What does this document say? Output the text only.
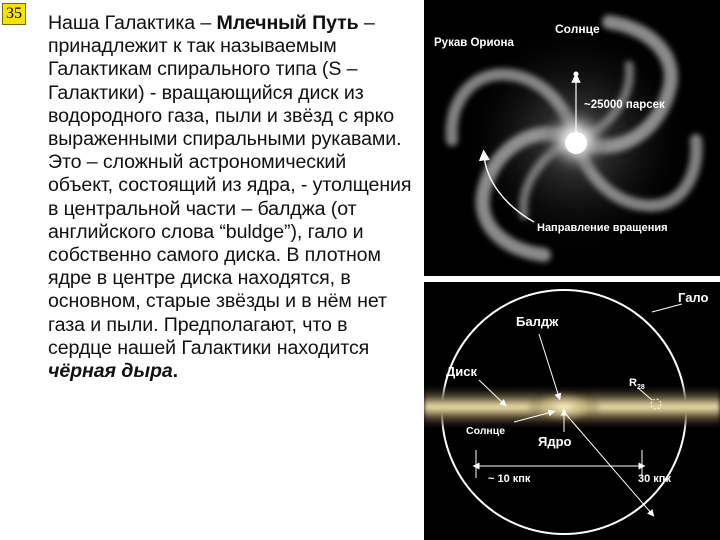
35 Наша Галактика – Млечный Путь – принадлежит к так называемым Галактикам спирального типа (S – Галактики) - вращающийся диск из водородного газа, пыли и звёзд с ярко выраженными спиральными рукавами. Это – сложный астрономический объект, состоящий из ядра, - утолщения в центральной части – балджа (от английского слова “buldge”), гало и собственно самого диска. В плотном ядре в центре диска находятся, в основном, старые звёзды и в нём нет газа и пыли. Предполагают, что в сердце нашей Галактики находится чёрная дыра.
Солнце
Рукав Ориона
~25000 парсек
Направление вращения
Гало
Балдж
Диск
$R_{28}$
Солнце
Ядро
~ 10 кпк	30 кпк
